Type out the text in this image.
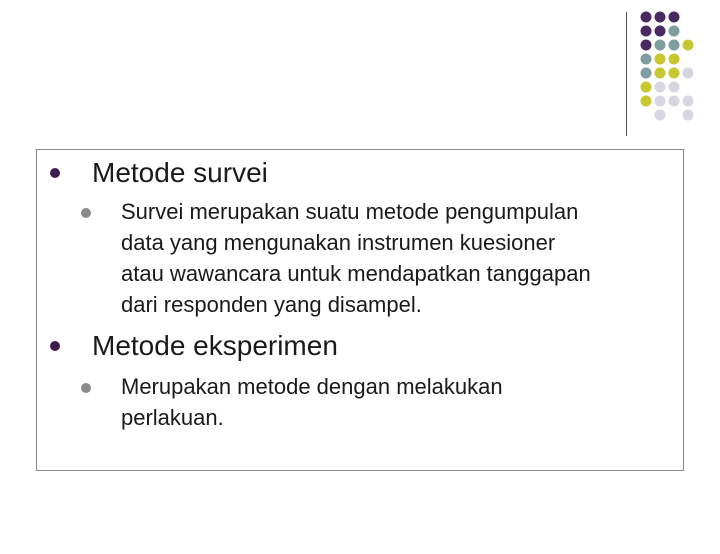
Metode survei
Survei merupakan suatu metode pengumpulan
data yang mengunakan instrumen kuesioner
atau wawancara untuk mendapatkan tanggapan
dari responden yang disampel.
Metode eksperimen
Merupakan metode dengan melakukan
perlakuan.
